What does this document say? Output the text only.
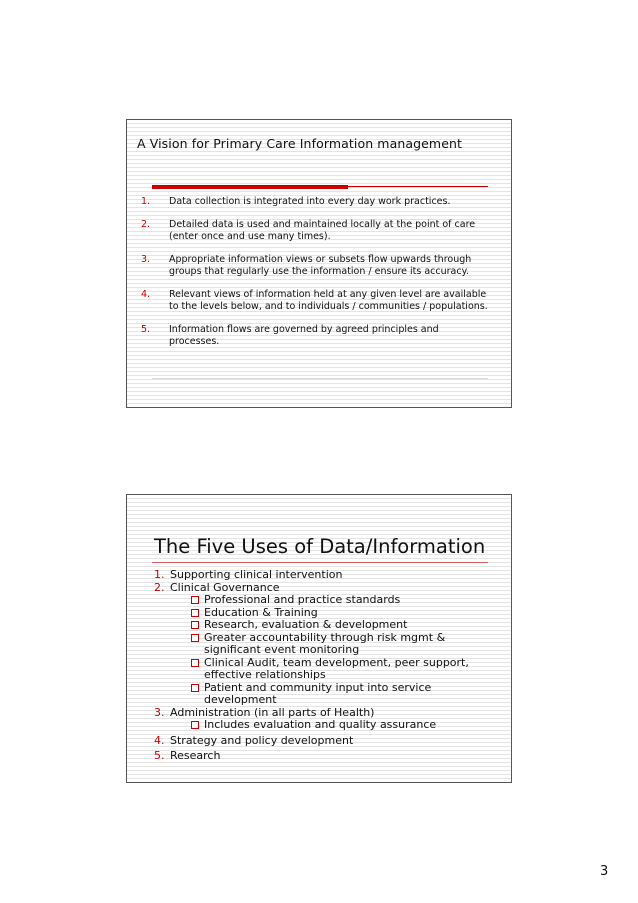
A Vision for Primary Care Information management
1.	Data collection is integrated into every day work practices.
2.	Detailed data is used and maintained locally at the point of care (enter once and use many times).
3.	Appropriate information views or subsets flow upwards through groups that regularly use the information / ensure its accuracy.
4.	Relevant views of information held at any given level are available to the levels below, and to individuals / communities / populations.
5.	Information flows are governed by agreed principles and processes.
The Five Uses of Data/Information
1. Supporting clinical intervention
2. Clinical Governance
Professional and practice standards
Education & Training
Research, evaluation & development
Greater accountability through risk mgmt & significant event monitoring
Clinical Audit, team development, peer support, effective relationships
Patient and community input into service development
3. Administration (in all parts of Health)
Includes evaluation and quality assurance
4. Strategy and policy development
5. Research
3
